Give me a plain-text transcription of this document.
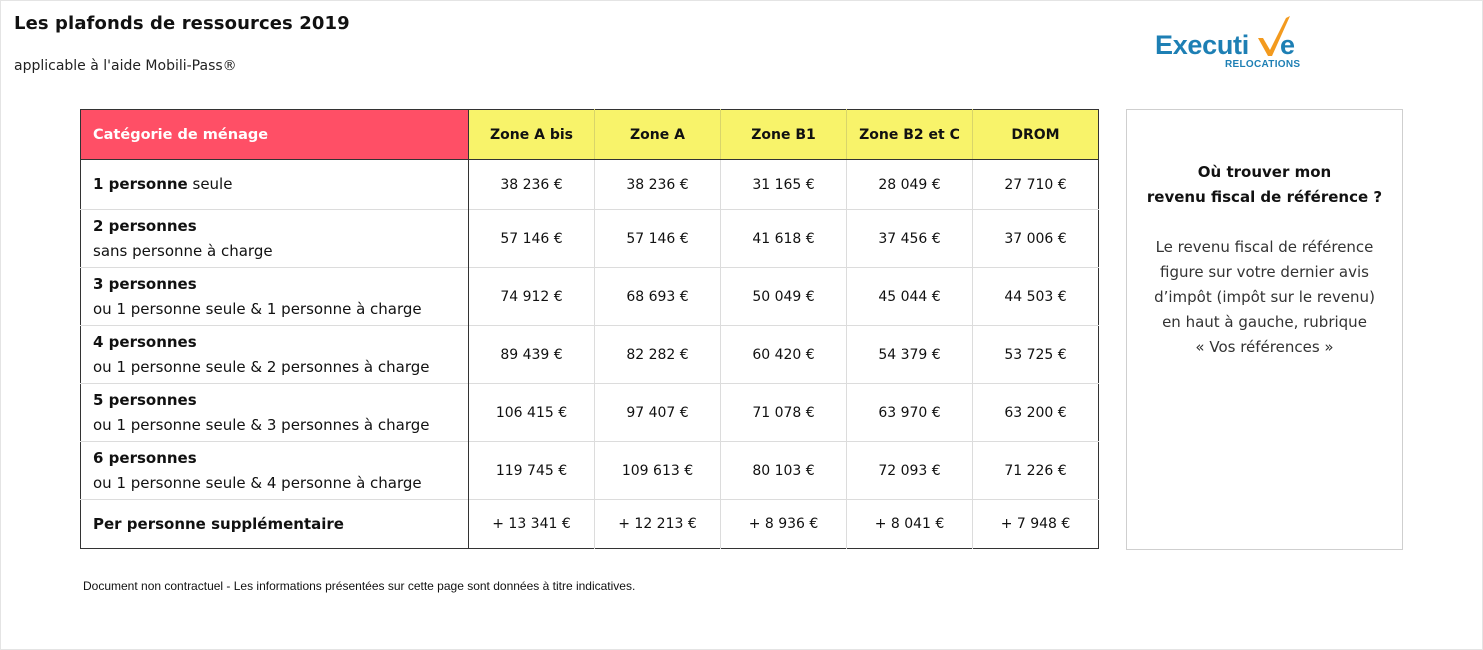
Les plafonds de ressources 2019
applicable à l'aide Mobili-Pass®
Executi e
RELOCATIONS
Catégorie de ménage	Zone A bis	Zone A	Zone B1	Zone B2 et C	DROM
1 personne seule	38 236 €	38 236 €	31 165 €	28 049 €	27 710 €
2 personnes
sans personne à charge	57 146 €	57 146 €	41 618 €	37 456 €	37 006 €
3 personnes
ou 1 personne seule & 1 personne à charge	74 912 €	68 693 €	50 049 €	45 044 €	44 503 €
4 personnes
ou 1 personne seule & 2 personnes à charge	89 439 €	82 282 €	60 420 €	54 379 €	53 725 €
5 personnes
ou 1 personne seule & 3 personnes à charge	106 415 €	97 407 €	71 078 €	63 970 €	63 200 €
6 personnes
ou 1 personne seule & 4 personne à charge	119 745 €	109 613 €	80 103 €	72 093 €	71 226 €
Per personne supplémentaire	+ 13 341 €	+ 12 213 €	+ 8 936 €	+ 8 041 €	+ 7 948 €
Où trouver mon
revenu fiscal de référence ?
Le revenu fiscal de référence
figure sur votre dernier avis
d’impôt (impôt sur le revenu)
en haut à gauche, rubrique
« Vos références »
Document non contractuel - Les informations présentées sur cette page sont données à titre indicatives.
